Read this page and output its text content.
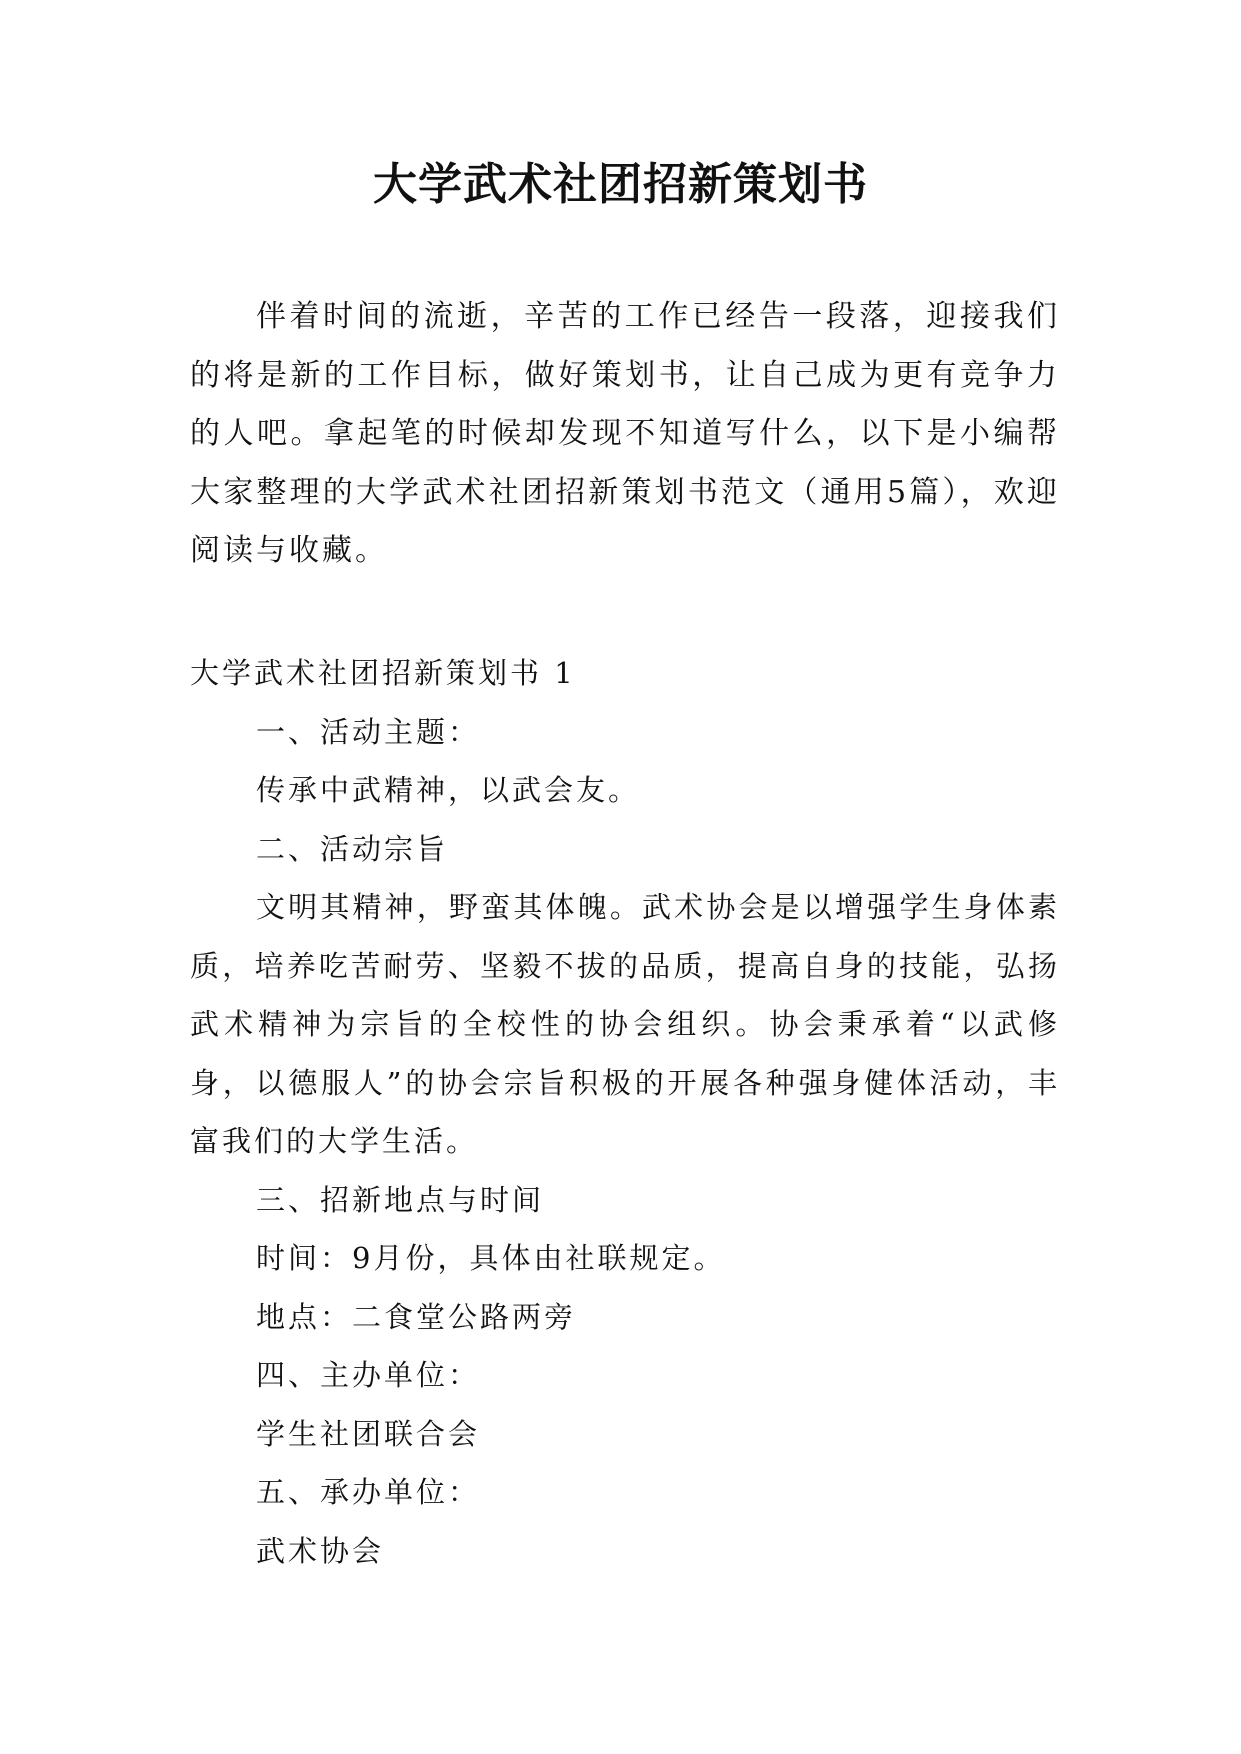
大学武术社团招新策划书

伴着时间的流逝，辛苦的工作已经告一段落，迎接我们的将是新的工作目标，做好策划书，让自己成为更有竞争力的人吧。拿起笔的时候却发现不知道写什么，以下是小编帮大家整理的大学武术社团招新策划书范文（通用5篇），欢迎阅读与收藏。

大学武术社团招新策划书 1

一、活动主题：

传承中武精神，以武会友。

二、活动宗旨

文明其精神，野蛮其体魄。武术协会是以增强学生身体素质，培养吃苦耐劳、坚毅不拔的品质，提高自身的技能，弘扬武术精神为宗旨的全校性的协会组织。协会秉承着“以武修身，以德服人”的协会宗旨积极的开展各种强身健体活动，丰富我们的大学生活。

三、招新地点与时间

时间：9月份，具体由社联规定。

地点：二食堂公路两旁

四、主办单位：

学生社团联合会

五、承办单位：

武术协会
